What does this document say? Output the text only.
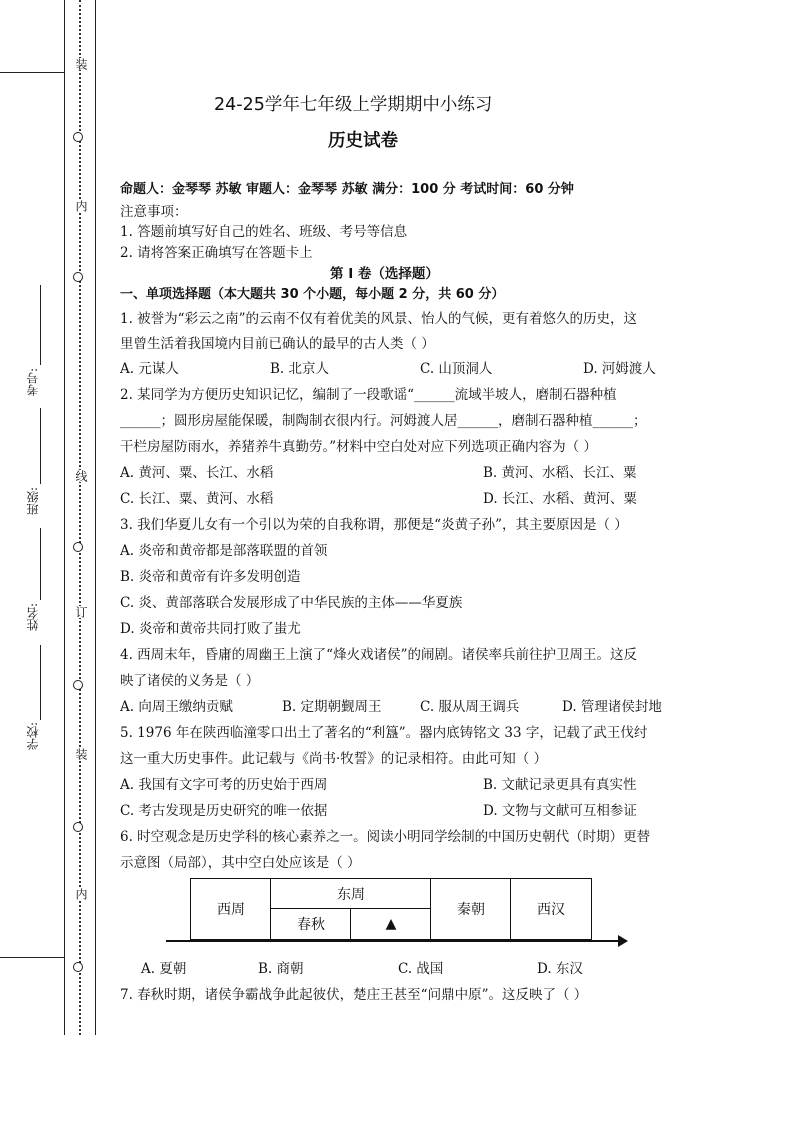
装
内
线
订
装
内
学校:
姓名:
班级:
考号:
24-25学年七年级上学期期中小练习
历史试卷
命题人：金琴琴 苏敏 审题人：金琴琴 苏敏 满分：100 分 考试时间：60 分钟
注意事项：
1. 答题前填写好自己的姓名、班级、考号等信息
2. 请将答案正确填写在答题卡上
第 I 卷（选择题）
一、单项选择题（本大题共 30 个小题，每小题 2 分，共 60 分）
1. 被誉为“彩云之南”的云南不仅有着优美的风景、怡人的气候，更有着悠久的历史，这
里曾生活着我国境内目前已确认的最早的古人类（ ）
A. 元谋人	B. 北京人	C. 山顶洞人	D. 河姆渡人
2. 某同学为方便历史知识记忆，编制了一段歌谣“______流域半坡人，磨制石器种植
______；圆形房屋能保暖，制陶制衣很内行。河姆渡人居______，磨制石器种植______；
干栏房屋防雨水，养猪养牛真勤劳。”材料中空白处对应下列选项正确内容为（ ）
A. 黄河、粟、长江、水稻	B. 黄河、水稻、长江、粟
C. 长江、粟、黄河、水稻	D. 长江、水稻、黄河、粟
3. 我们华夏儿女有一个引以为荣的自我称谓，那便是“炎黄子孙”，其主要原因是（ ）
A. 炎帝和黄帝都是部落联盟的首领
B. 炎帝和黄帝有许多发明创造
C. 炎、黄部落联合发展形成了中华民族的主体——华夏族
D. 炎帝和黄帝共同打败了蚩尤
4. 西周末年，昏庸的周幽王上演了“烽火戏诸侯”的闹剧。诸侯率兵前往护卫周王。这反
映了诸侯的义务是（ ）
A. 向周王缴纳贡赋	B. 定期朝觐周王	C. 服从周王调兵	D. 管理诸侯封地
5. 1976 年在陕西临潼零口出土了著名的“利簋”。器内底铸铭文 33 字，记载了武王伐纣
这一重大历史事件。此记载与《尚书·牧誓》的记录相符。由此可知（ ）
A. 我国有文字可考的历史始于西周	B. 文献记录更具有真实性
C. 考古发现是历史研究的唯一依据	D. 文物与文献可互相参证
6. 时空观念是历史学科的核心素养之一。阅读小明同学绘制的中国历史朝代（时期）更替
示意图（局部），其中空白处应该是（ ）
西周
东周
春秋	▲
秦朝	西汉
A. 夏朝	B. 商朝	C. 战国	D. 东汉
7. 春秋时期，诸侯争霸战争此起彼伏，楚庄王甚至“问鼎中原”。这反映了（ ）
